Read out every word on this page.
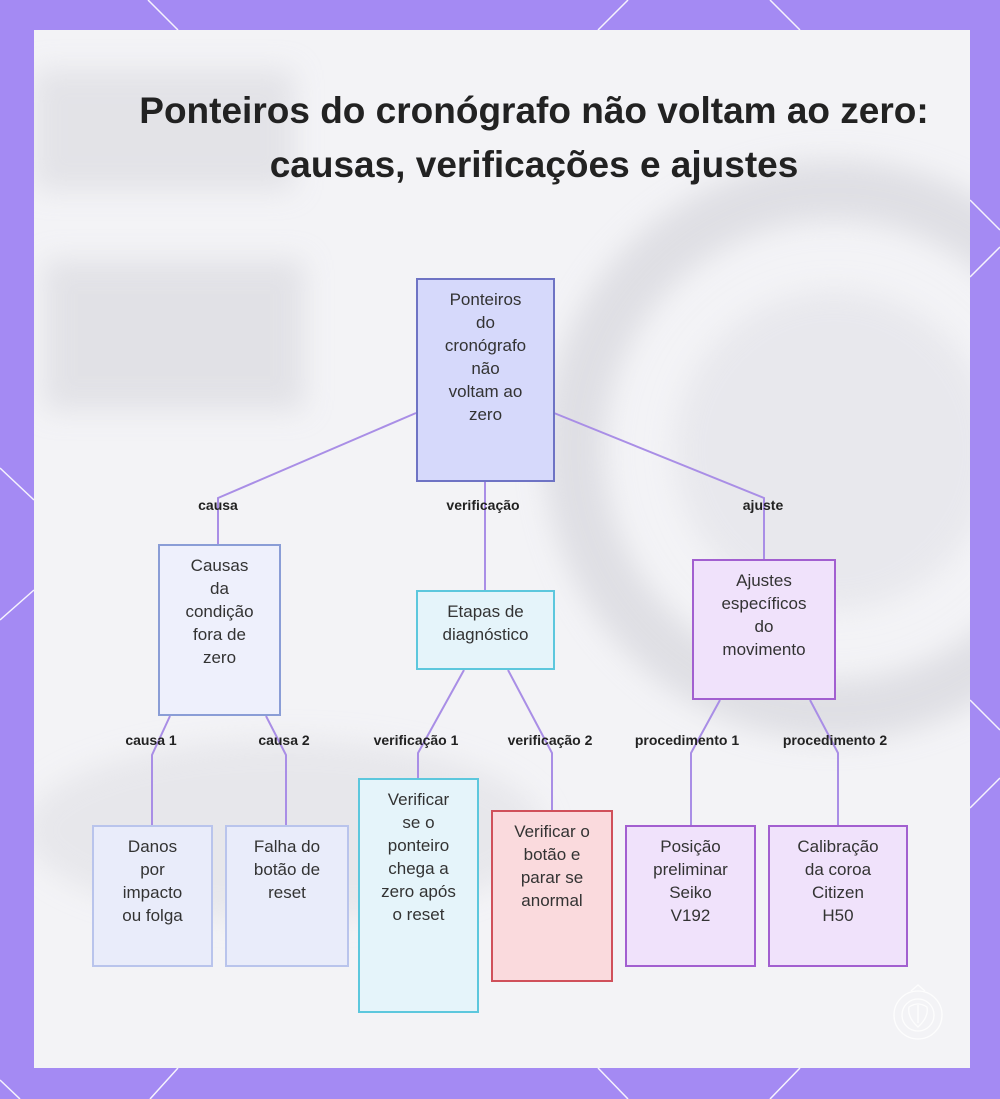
Ponteiros do cronógrafo não voltam ao zero: causas, verificações e ajustes
Ponteiros
do
cronógrafo
não
voltam ao
zero
Causas
da
condição
fora de
zero
Etapas de
diagnóstico
Ajustes
específicos
do
movimento
Danos
por
impacto
ou folga
Falha do
botão de
reset
Verificar
se o
ponteiro
chega a
zero após
o reset
Verificar o
botão e
parar se
anormal
Posição
preliminar
Seiko
V192
Calibração
da coroa
Citizen
H50
causa	verificação	ajuste
causa 1	causa 2	verificação 1	verificação 2	procedimento 1	procedimento 2
